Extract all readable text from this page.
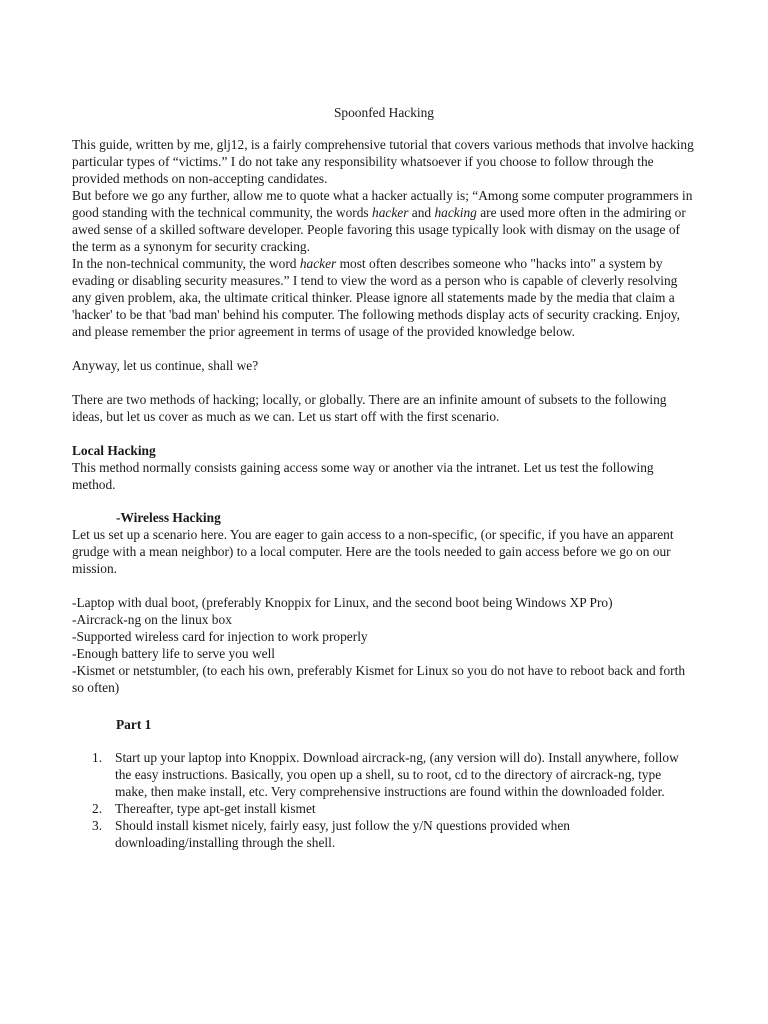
Spoonfed Hacking

This guide, written by me, glj12, is a fairly comprehensive tutorial that covers various methods that involve hacking particular types of “victims.” I do not take any responsibility whatsoever if you choose to follow through the provided methods on non-accepting candidates.

But before we go any further, allow me to quote what a hacker actually is; “Among some computer programmers in good standing with the technical community, the words hacker and hacking are used more often in the admiring or awed sense of a skilled software developer. People favoring this usage typically look with dismay on the usage of the term as a synonym for security cracking.

In the non-technical community, the word hacker most often describes someone who "hacks into" a system by evading or disabling security measures.” I tend to view the word as a person who is capable of cleverly resolving any given problem, aka, the ultimate critical thinker. Please ignore all statements made by the media that claim a 'hacker' to be that 'bad man' behind his computer. The following methods display acts of security cracking. Enjoy, and please remember the prior agreement in terms of usage of the provided knowledge below.

Anyway, let us continue, shall we?

There are two methods of hacking; locally, or globally. There are an infinite amount of subsets to the following ideas, but let us cover as much as we can. Let us start off with the first scenario.

Local Hacking

This method normally consists gaining access some way or another via the intranet. Let us test the following method.

-Wireless Hacking

Let us set up a scenario here. You are eager to gain access to a non-specific, (or specific, if you have an apparent grudge with a mean neighbor) to a local computer. Here are the tools needed to gain access before we go on our mission.

-Laptop with dual boot, (preferably Knoppix for Linux, and the second boot being Windows XP Pro)

-Aircrack-ng on the linux box

-Supported wireless card for injection to work properly

-Enough battery life to serve you well

-Kismet or netstumbler, (to each his own, preferably Kismet for Linux so you do not have to reboot back and forth so often)

Part 1

1. Start up your laptop into Knoppix. Download aircrack-ng, (any version will do). Install anywhere, follow the easy instructions. Basically, you open up a shell, su to root, cd to the directory of aircrack-ng, type make, then make install, etc. Very comprehensive instructions are found within the downloaded folder.
2. Thereafter, type apt-get install kismet
3. Should install kismet nicely, fairly easy, just follow the y/N questions provided when downloading/installing through the shell.
